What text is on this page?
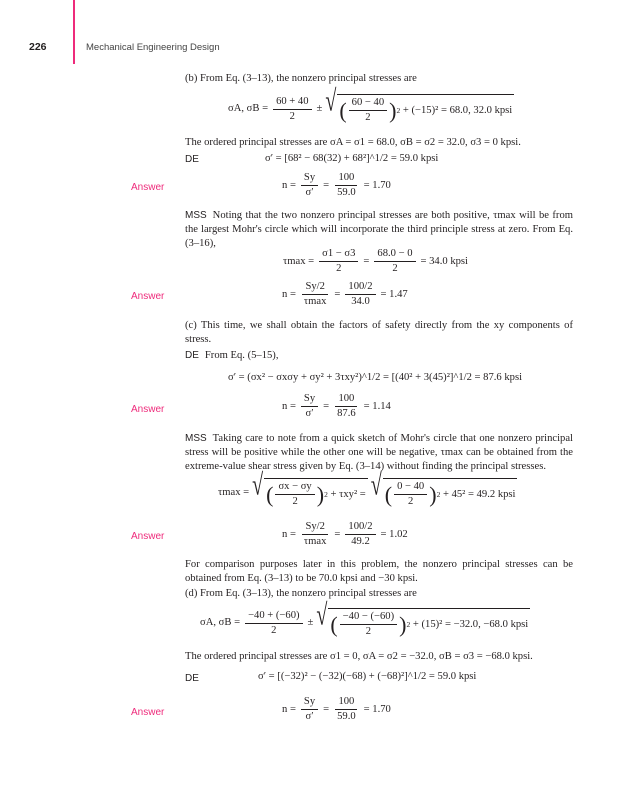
226	Mechanical Engineering Design
(b) From Eq. (3–13), the nonzero principal stresses are
σA, $\sigma B = \frac{60 + 40}{2}$ ± √ ( $\frac{60 - 40}{2}$ ) 2
+ (−15)² = 68.0, 32.0 kpsi
The ordered principal stresses are σA = σ1 = 68.0, σB = σ2 = 32.0, σ3 = 0 kpsi.
DE	σ′ = [68² − 68(32) + 68²]^1/2 = 59.0 kpsi
Answer	$n = \frac{Sy}{\sigma'} = \frac{100}{59.0} = 1.70$
MSS Noting that the two nonzero principal stresses are both positive, τmax will be from the largest Mohr's circle which will incorporate the third principle stress at zero. From Eq. (3–16),
$\tau\max = \frac{\sigma 1 - \sigma 3}{2} = \frac{68.0 - 0}{2} = 34.0$ kpsi
Answer	$n = \frac{Sy/2}{\tau\max} = \frac{100/2}{34.0} = 1.47$
(c) This time, we shall obtain the factors of safety directly from the xy components of stress.
DE From Eq. (5–15),
σ′ = (σx² − σxσy + σy² + 3τxy²)^1/2 = [(40² + 3(45)²]^1/2 = 87.6 kpsi
Answer	$n = \frac{Sy}{\sigma'} = \frac{100}{87.6} = 1.14$
MSS Taking care to note from a quick sketch of Mohr's circle that one nonzero principal stress will be positive while the other one will be negative, τmax can be obtained from the extreme-value shear stress given by Eq. (3–14) without finding the principal stresses.
τmax = √ ( $\frac{\sigma x - \sigma y}{2}$ ) 2
+ τxy² = √ ( $\frac{0 - 40}{2}$ ) 2
+ 45² = 49.2 kpsi
Answer	$n = \frac{Sy/2}{\tau\max} = \frac{100/2}{49.2} = 1.02$
For comparison purposes later in this problem, the nonzero principal stresses can be obtained from Eq. (3–13) to be 70.0 kpsi and −30 kpsi.
(d) From Eq. (3–13), the nonzero principal stresses are
σA, $\sigma B = \frac{-40 + (-60)}{2}$ ± √ ( $\frac{-40 - (-60)}{2}$ ) 2
+ (15)² = −32.0, −68.0 kpsi
The ordered principal stresses are σ1 = 0, σA = σ2 = −32.0, σB = σ3 = −68.0 kpsi.
DE	σ′ = [(−32)² − (−32)(−68) + (−68)²]^1/2 = 59.0 kpsi
Answer	$n = \frac{Sy}{\sigma'} = \frac{100}{59.0} = 1.70$
